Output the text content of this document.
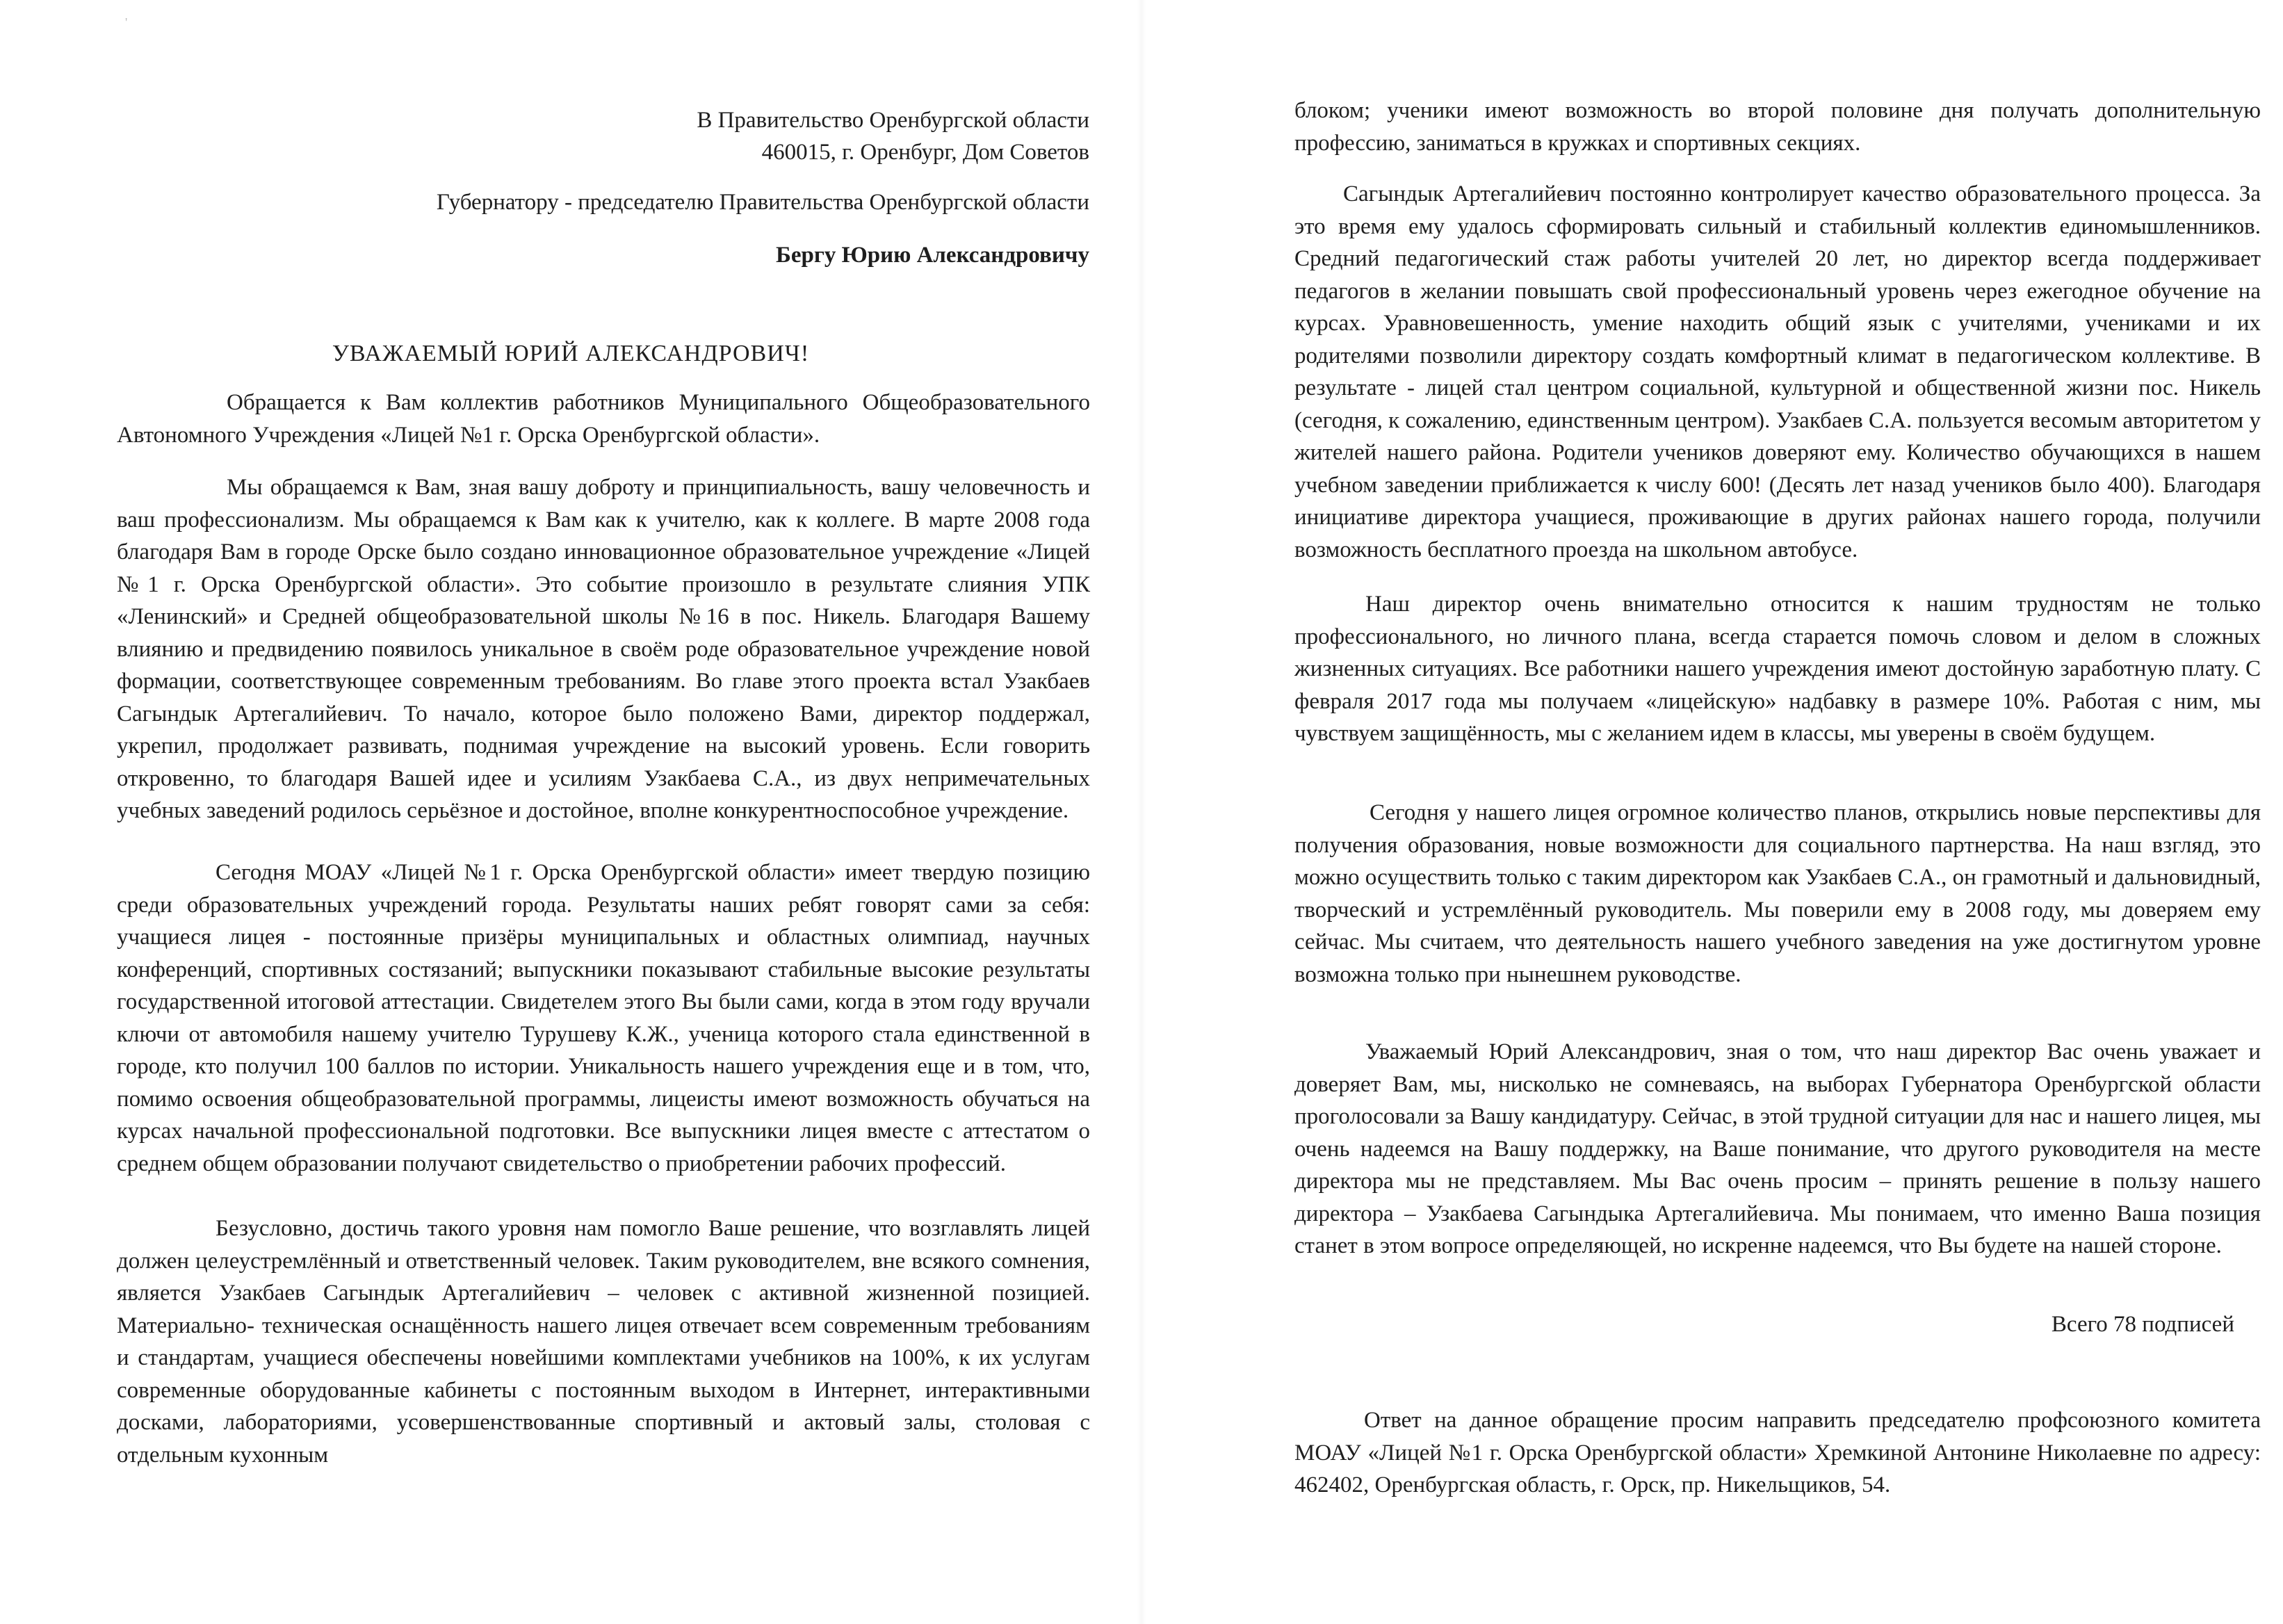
'
В Правительство Оренбургской области
460015, г. Оренбург, Дом Советов
Губернатору - председателю Правительства Оренбургской области
Бергу Юрию Александровичу
УВАЖАЕМЫЙ ЮРИЙ АЛЕКСАНДРОВИЧ!

Обращается к Вам коллектив работников Муниципального Общеобразовательного Автономного Учреждения «Лицей №1 г. Орска Оренбургской области».

Мы обращаемся к Вам, зная вашу доброту и принципиальность, вашу человечность и ваш профессионализм. Мы обращаемся к Вам как к учителю, как к коллеге. В марте 2008 года благодаря Вам в городе Орске было создано инновационное образовательное учреждение «Лицей №1 г. Орска Оренбургской области». Это событие произошло в результате слияния УПК «Ленинский» и Средней общеобразовательной школы №16 в пос. Никель. Благодаря Вашему влиянию и предвидению появилось уникальное в своём роде образовательное учреждение новой формации, соответствующее современным требованиям. Во главе этого проекта встал Узакбаев Сагындык Артегалийевич. То начало, которое было положено Вами, директор поддержал, укрепил, продолжает развивать, поднимая учреждение на высокий уровень. Если говорить откровенно, то благодаря Вашей идее и усилиям Узакбаева С.А., из двух непримечательных учебных заведений родилось серьёзное и достойное, вполне конкурентноспособное учреждение.

Сегодня МОАУ «Лицей №1 г. Орска Оренбургской области» имеет твердую позицию среди образовательных учреждений города. Результаты наших ребят говорят сами за себя: учащиеся лицея - постоянные призёры муниципальных и областных олимпиад, научных конференций, спортивных состязаний; выпускники показывают стабильные высокие результаты государственной итоговой аттестации. Свидетелем этого Вы были сами, когда в этом году вручали ключи от автомобиля нашему учителю Турушеву К.Ж., ученица которого стала единственной в городе, кто получил 100 баллов по истории. Уникальность нашего учреждения еще и в том, что, помимо освоения общеобразовательной программы, лицеисты имеют возможность обучаться на курсах начальной профессиональной подготовки. Все выпускники лицея вместе с аттестатом о среднем общем образовании получают свидетельство о приобретении рабочих профессий.

Безусловно, достичь такого уровня нам помогло Ваше решение, что возглавлять лицей должен целеустремлённый и ответственный человек. Таким руководителем, вне всякого сомнения, является Узакбаев Сагындык Артегалийевич – человек с активной жизненной позицией. Материально- техническая оснащённость нашего лицея отвечает всем современным требованиям и стандартам, учащиеся обеспечены новейшими комплектами учебников на 100%, к их услугам современные оборудованные кабинеты с постоянным выходом в Интернет, интерактивными досками, лабораториями, усовершенствованные спортивный и актовый залы, столовая с отдельным кухонным

блоком; ученики имеют возможность во второй половине дня получать дополнительную профессию, заниматься в кружках и спортивных секциях.

Сагындык Артегалийевич постоянно контролирует качество образовательного процесса. За это время ему удалось сформировать сильный и стабильный коллектив единомышленников. Средний педагогический стаж работы учителей 20 лет, но директор всегда поддерживает педагогов в желании повышать свой профессиональный уровень через ежегодное обучение на курсах. Уравновешенность, умение находить общий язык с учителями, учениками и их родителями позволили директору создать комфортный климат в педагогическом коллективе. В результате - лицей стал центром социальной, культурной и общественной жизни пос. Никель (сегодня, к сожалению, единственным центром). Узакбаев С.А. пользуется весомым авторитетом у жителей нашего района. Родители учеников доверяют ему. Количество обучающихся в нашем учебном заведении приближается к числу 600! (Десять лет назад учеников было 400). Благодаря инициативе директора учащиеся, проживающие в других районах нашего города, получили возможность бесплатного проезда на школьном автобусе.

Наш директор очень внимательно относится к нашим трудностям не только профессионального, но личного плана, всегда старается помочь словом и делом в сложных жизненных ситуациях. Все работники нашего учреждения имеют достойную заработную плату. С февраля 2017 года мы получаем «лицейскую» надбавку в размере 10%. Работая с ним, мы чувствуем защищённость, мы с желанием идем в классы, мы уверены в своём будущем.

Сегодня у нашего лицея огромное количество планов, открылись новые перспективы для получения образования, новые возможности для социального партнерства. На наш взгляд, это можно осуществить только с таким директором как Узакбаев С.А., он грамотный и дальновидный, творческий и устремлённый руководитель. Мы поверили ему в 2008 году, мы доверяем ему сейчас. Мы считаем, что деятельность нашего учебного заведения на уже достигнутом уровне возможна только при нынешнем руководстве.

Уважаемый Юрий Александрович, зная о том, что наш директор Вас очень уважает и доверяет Вам, мы, нисколько не сомневаясь, на выборах Губернатора Оренбургской области проголосовали за Вашу кандидатуру. Сейчас, в этой трудной ситуации для нас и нашего лицея, мы очень надеемся на Вашу поддержку, на Ваше понимание, что другого руководителя на месте директора мы не представляем. Мы Вас очень просим – принять решение в пользу нашего директора – Узакбаева Сагындыка Артегалийевича. Мы понимаем, что именно Ваша позиция станет в этом вопросе определяющей, но искренне надеемся, что Вы будете на нашей стороне.

Всего 78 подписей

Ответ на данное обращение просим направить председателю профсоюзного комитета МОАУ «Лицей №1 г. Орска Оренбургской области» Хремкиной Антонине Николаевне по адресу: 462402, Оренбургская область, г. Орск, пр. Никельщиков, 54.
